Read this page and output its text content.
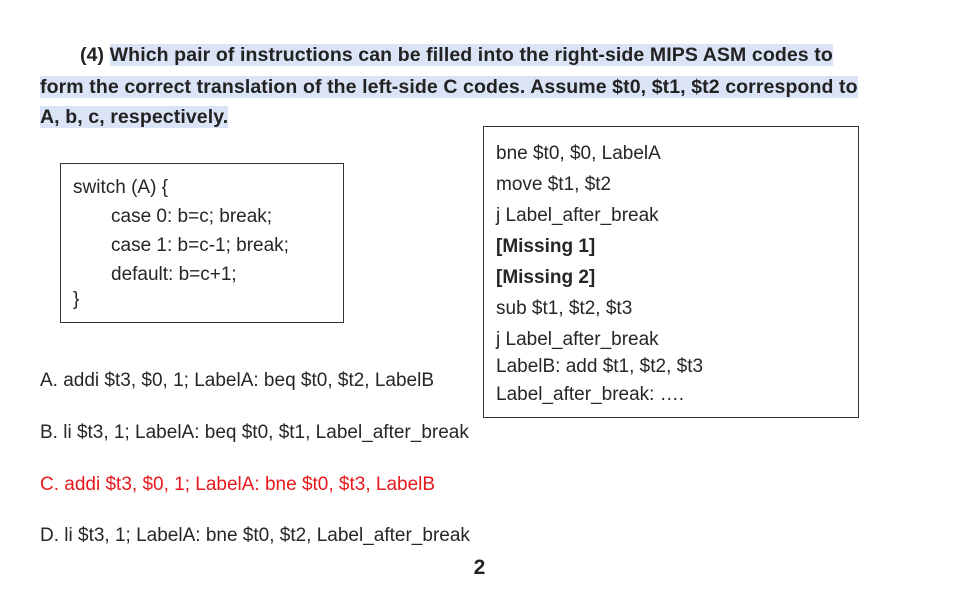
(4) Which pair of instructions can be filled into the right-side MIPS ASM codes to
form the correct translation of the left-side C codes. Assume $t0, $t1, $t2 correspond to
A, b, c, respectively.
switch (A) {
case 0: b=c; break;
case 1: b=c-1; break;
default: b=c+1;
}
bne $t0, $0, LabelA
move $t1, $t2
j Label_after_break
[Missing 1]
[Missing 2]
sub $t1, $t2, $t3
j Label_after_break
LabelB: add $t1, $t2, $t3
Label_after_break: ….
A. addi $t3, $0, 1; LabelA: beq $t0, $t2, LabelB
B. li $t3, 1; LabelA: beq $t0, $t1, Label_after_break
C. addi $t3, $0, 1; LabelA: bne $t0, $t3, LabelB
D. li $t3, 1; LabelA: bne $t0, $t2, Label_after_break
2
